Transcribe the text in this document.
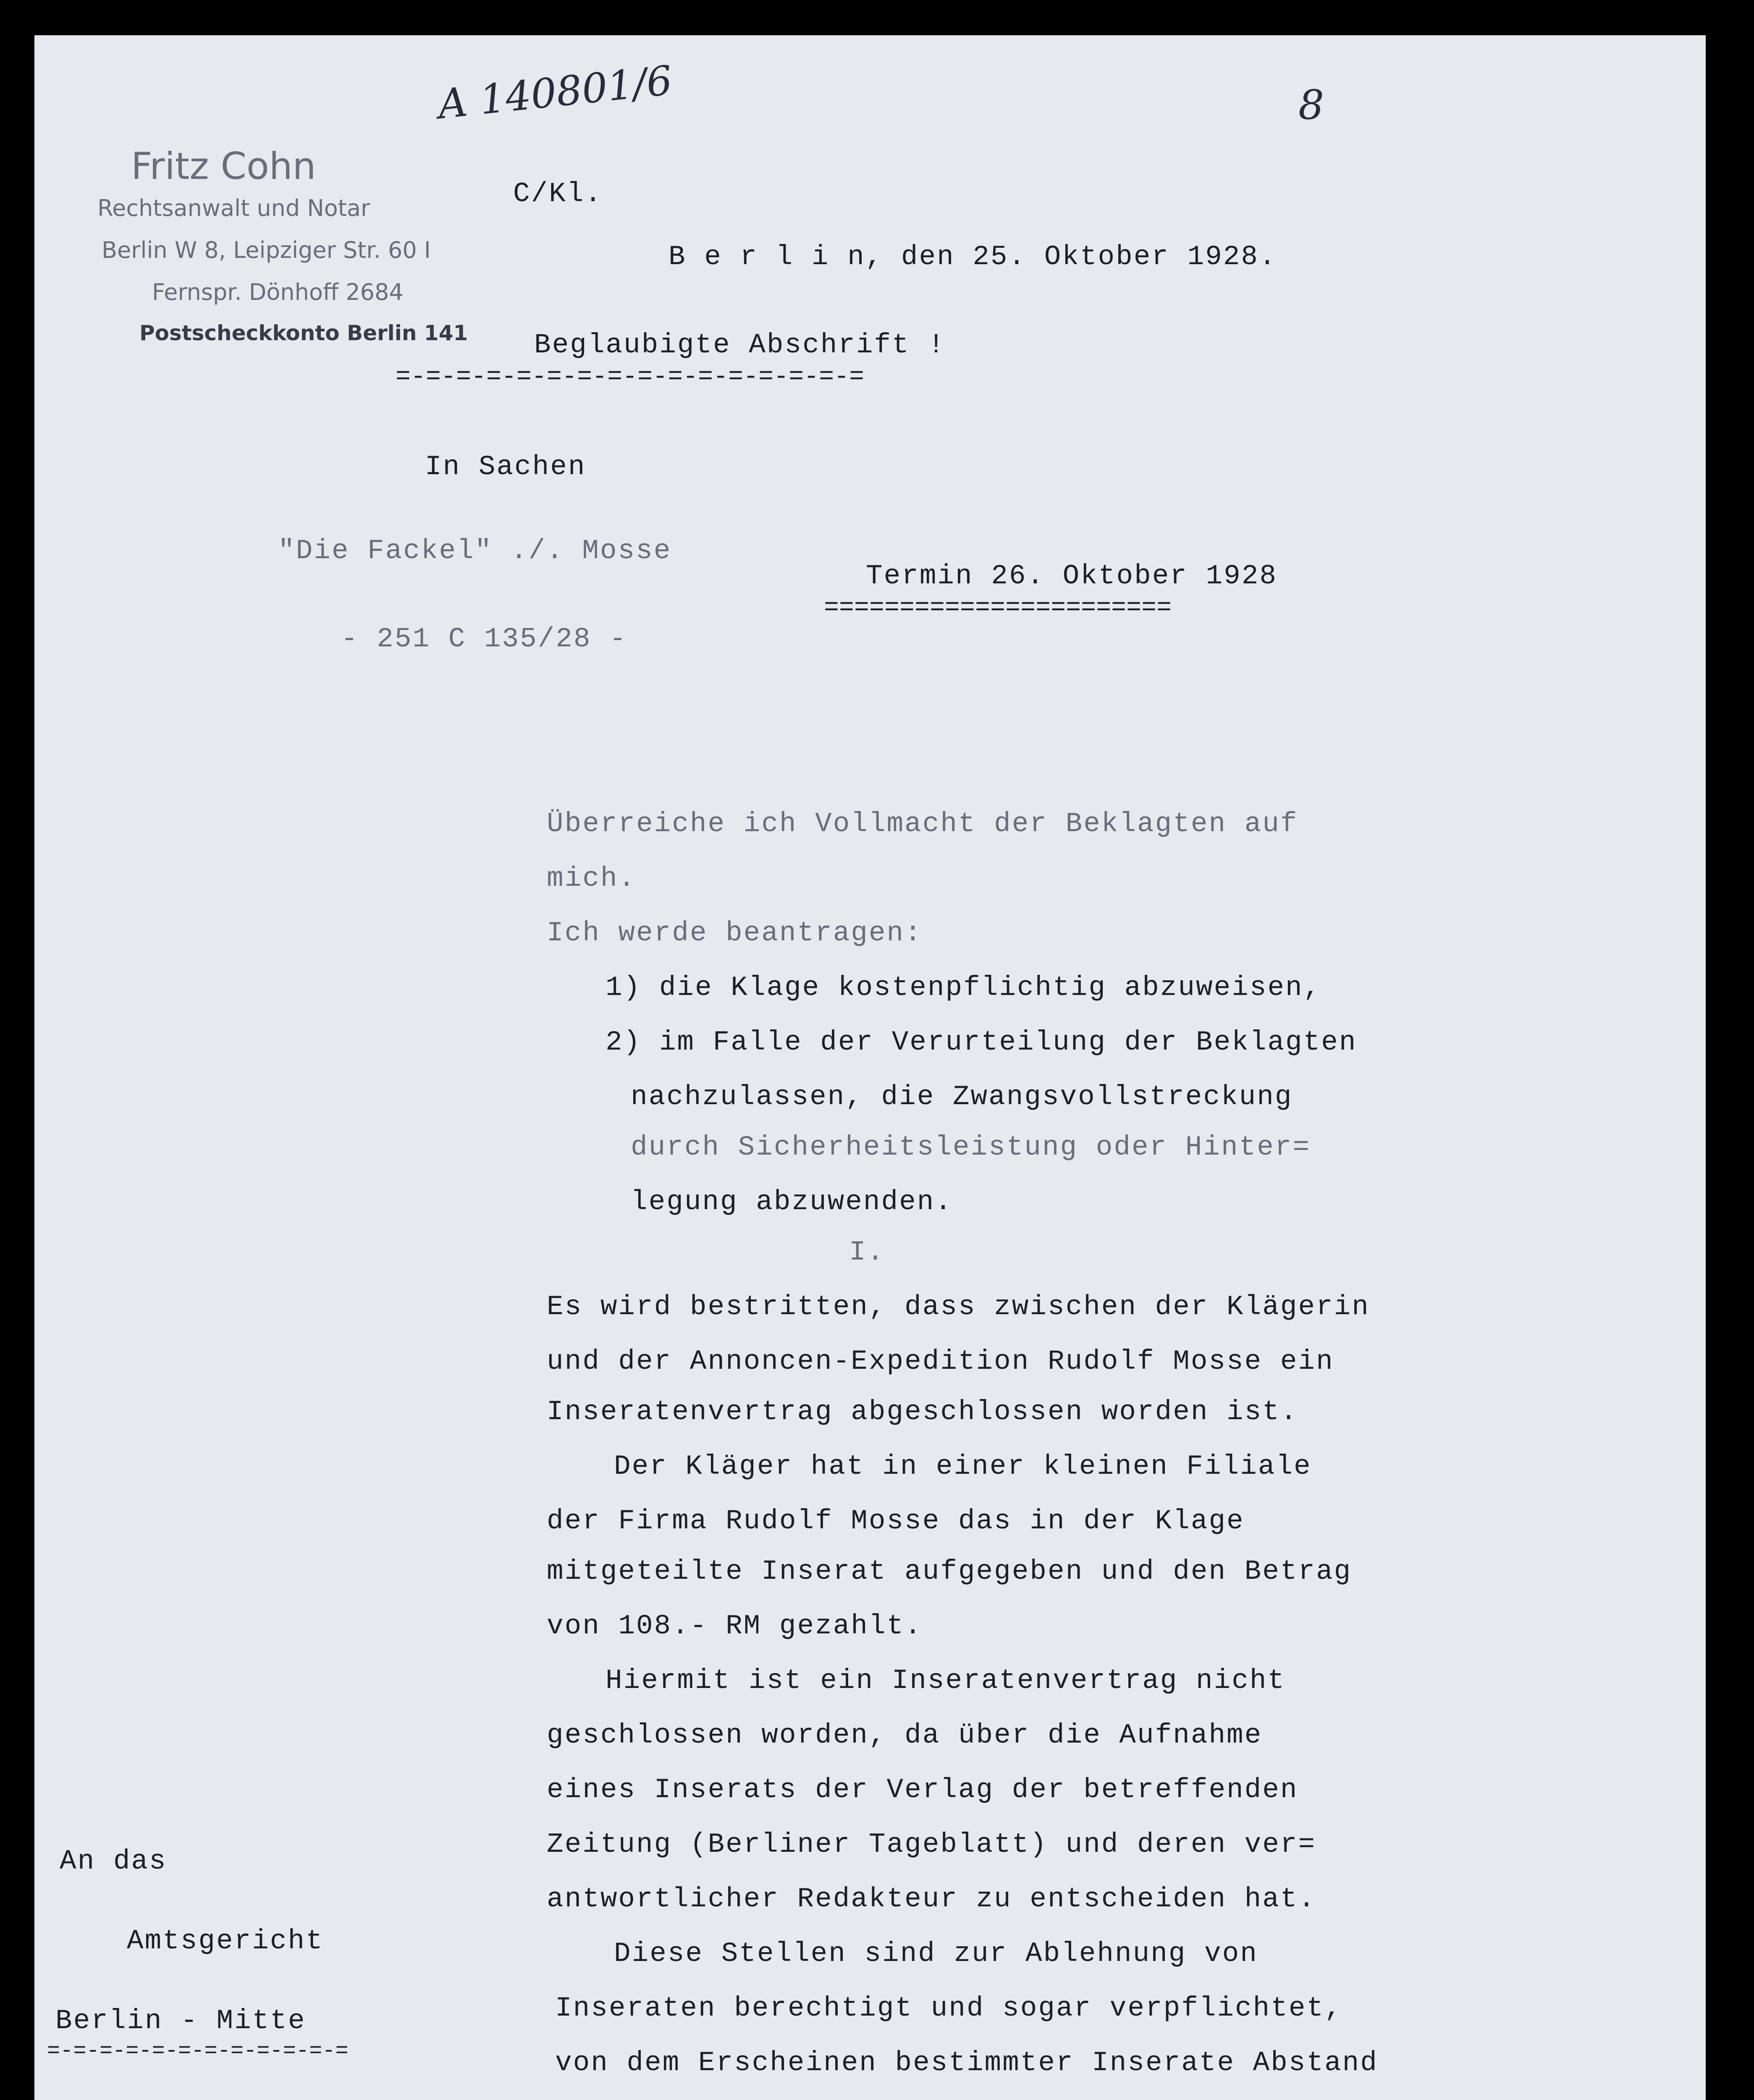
A 140801/6	8
Fritz Cohn
Rechtsanwalt und Notar
Berlin W 8, Leipziger Str. 60 I
Fernspr. Dönhoff 2684
Postscheckkonto Berlin 141
C/Kl.
B e r l i n, den 25. Oktober 1928.
Beglaubigte Abschrift !
=-=-=-=-=-=-=-=-=-=-=-=-=-=-=-=
In Sachen
"Die Fackel" ./. Mosse
- 251 C 135/28 -
Termin 26. Oktober 1928
=======================
Überreiche ich Vollmacht der Beklagten auf
mich.
Ich werde beantragen:
1) die Klage kostenpflichtig abzuweisen,
2) im Falle der Verurteilung der Beklagten
nachzulassen, die Zwangsvollstreckung
durch Sicherheitsleistung oder Hinter=
legung abzuwenden.
I.
Es wird bestritten, dass zwischen der Klägerin
und der Annoncen-Expedition Rudolf Mosse ein
Inseratenvertrag abgeschlossen worden ist.
Der Kläger hat in einer kleinen Filiale
der Firma Rudolf Mosse das in der Klage
mitgeteilte Inserat aufgegeben und den Betrag
von 108.- RM gezahlt.
Hiermit ist ein Inseratenvertrag nicht
geschlossen worden, da über die Aufnahme
eines Inserats der Verlag der betreffenden
Zeitung (Berliner Tageblatt) und deren ver=
antwortlicher Redakteur zu entscheiden hat.
Diese Stellen sind zur Ablehnung von
Inseraten berechtigt und sogar verpflichtet,
von dem Erscheinen bestimmter Inserate Abstand
An das
Amtsgericht
Berlin - Mitte
=-=-=-=-=-=-=-=-=-=-=-=
